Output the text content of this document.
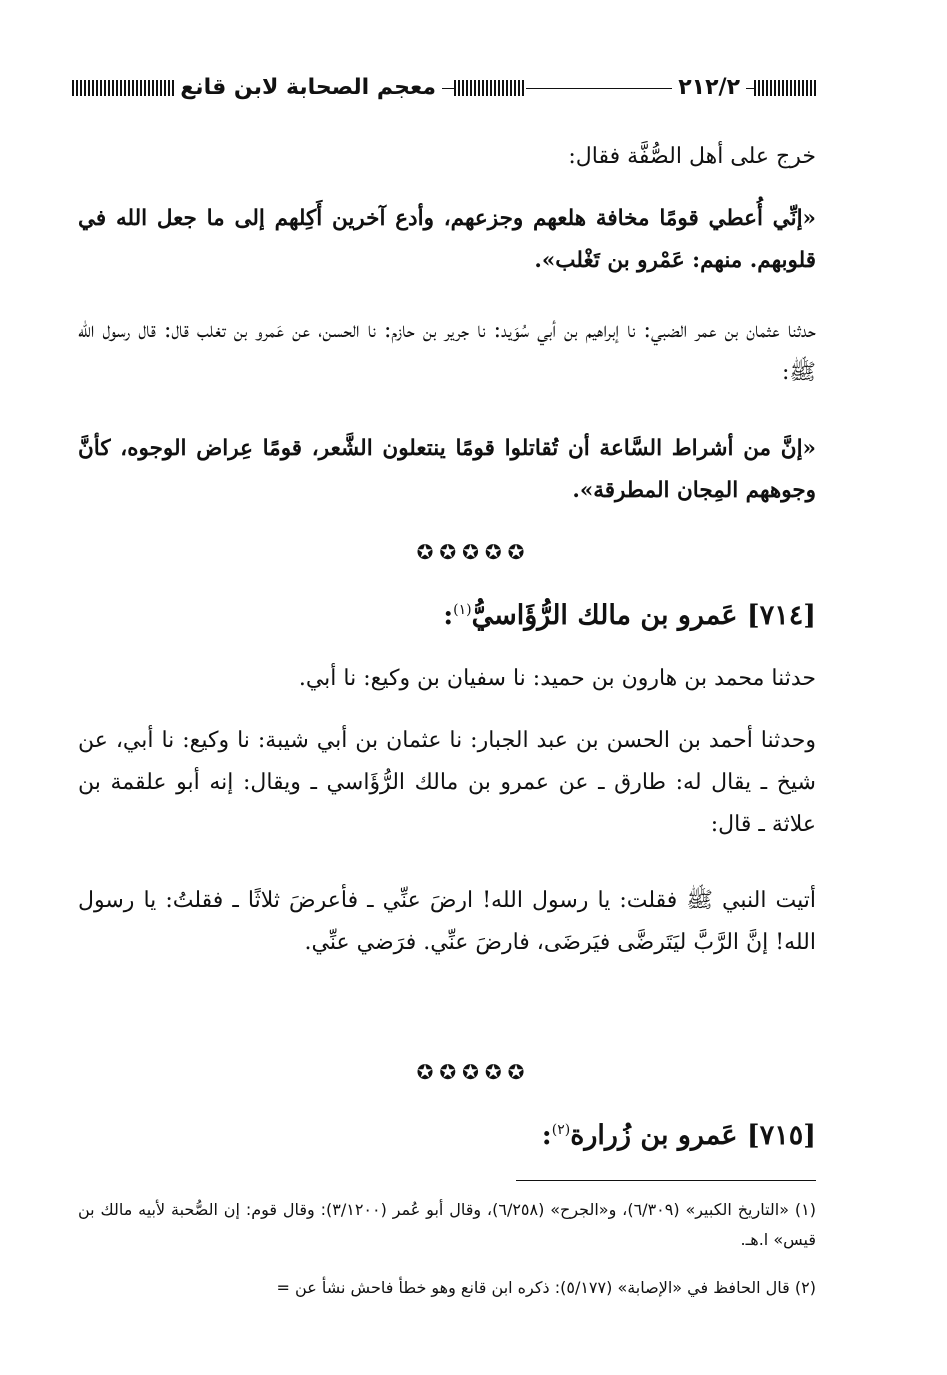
٢١٢/٢
معجم الصحابة لابن قانع
خرج على أهل الصُّفَّة فقال:
«إنِّي أُعطي قومًا مخافة هلعهم وجزعهم، وأدع آخرين أَكِلهم إلى ما جعل الله في قلوبهم. منهم: عَمْرو بن تَغْلب».
حدثنا عثمان بن عمر الضبي: نا إبراهيم بن أبي سُوَيد: نا جرير بن حازم: نا الحسن، عن عَمرو بن تغلب قال: قال رسول الله ﷺ:
«إنَّ من أشراط السَّاعة أن تُقاتلوا قومًا ينتعلون الشَّعر، قومًا عِراض الوجوه، كأنَّ وجوههم المِجان المطرقة».
✪✪✪✪✪
[٧١٤] عَمرو بن مالك الرُّؤَاسيُّ$^{(١)}$:
حدثنا محمد بن هارون بن حميد: نا سفيان بن وكيع: نا أبي.
وحدثنا أحمد بن الحسن بن عبد الجبار: نا عثمان بن أبي شيبة: نا وكيع: نا أبي، عن شيخ ـ يقال له: طارق ـ عن عمرو بن مالك الرُّؤَاسي ـ ويقال: إنه أبو علقمة بن علاثة ـ قال:
أتيت النبي ﷺ فقلت: يا رسول الله! ارضَ عنِّي ـ فأعرضَ ثلاثًا ـ فقلتُ: يا رسول الله! إنَّ الرَّبَّ ليَتَرضَّى فيَرضَى، فارضَ عنِّي. فرَضي عنِّي.
✪✪✪✪✪
[٧١٥] عَمرو بن زُرارة$^{(٢)}$:
(١) «التاريخ الكبير» (٦/٣٠٩)، و«الجرح» (٦/٢٥٨)، وقال أبو عُمر (٣/١٢٠٠): وقال قوم: إن الصُّحبة لأبيه مالك بن قيس» ا.هـ.
(٢) قال الحافظ في «الإصابة» (٥/١٧٧): ذكره ابن قانع وهو خطأ فاحش نشأ عن =
